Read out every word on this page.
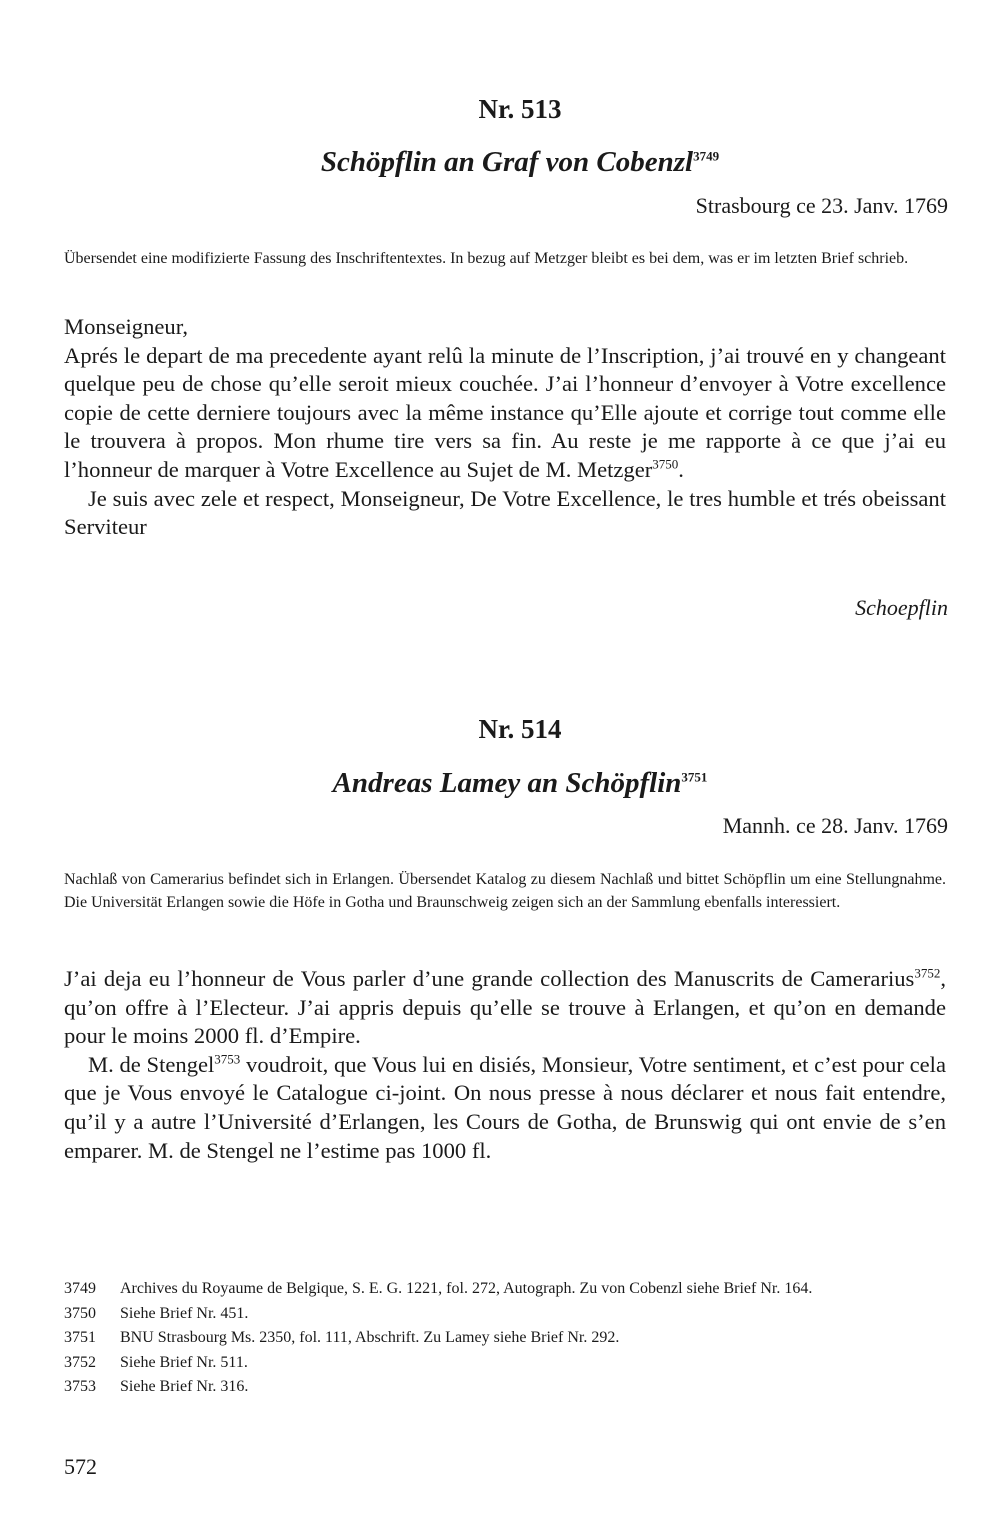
Nr. 513
Schöpflin an Graf von Cobenzl$^{3749}$
Strasbourg ce 23. Janv. 1769

Übersendet eine modifizierte Fassung des Inschriftentextes. In bezug auf Metzger bleibt es bei dem, was er im letzten Brief schrieb.

Monseigneur,

Aprés le depart de ma precedente ayant relû la minute de l’Inscription, j’ai trouvé en y changeant quelque peu de chose qu’elle seroit mieux couchée. J’ai l’honneur d’envoyer à Votre excellence copie de cette derniere toujours avec la même instance qu’Elle ajoute et corrige tout comme elle le trouvera à propos. Mon rhume tire vers sa fin. Au reste je me rapporte à ce que j’ai eu l’honneur de marquer à Votre Excellence au Sujet de M. Metzger$^{3750}$.

Je suis avec zele et respect, Monseigneur, De Votre Excellence, le tres humble et trés obeissant Serviteur

Schoepflin
Nr. 514
Andreas Lamey an Schöpflin$^{3751}$
Mannh. ce 28. Janv. 1769

Nachlaß von Camerarius befindet sich in Erlangen. Übersendet Katalog zu diesem Nachlaß und bittet Schöpflin um eine Stellungnahme. Die Universität Erlangen sowie die Höfe in Gotha und Braunschweig zeigen sich an der Sammlung ebenfalls interessiert.

J’ai deja eu l’honneur de Vous parler d’une grande collection des Manuscrits de Camerarius$^{3752}$, qu’on offre à l’Electeur. J’ai appris depuis qu’elle se trouve à Erlangen, et qu’on en demande pour le moins 2000 fl. d’Empire.

M. de Stengel$^{3753}$ voudroit, que Vous lui en disiés, Monsieur, Votre sentiment, et c’est pour cela que je Vous envoyé le Catalogue ci-joint. On nous presse à nous déclarer et nous fait entendre, qu’il y a autre l’Université d’Erlangen, les Cours de Gotha, de Brunswig qui ont envie de s’en emparer. M. de Stengel ne l’estime pas 1000 fl.

3749	Archives du Royaume de Belgique, S. E. G. 1221, fol. 272, Autograph. Zu von Cobenzl siehe Brief Nr. 164.
3750	Siehe Brief Nr. 451.
3751	BNU Strasbourg Ms. 2350, fol. 111, Abschrift. Zu Lamey siehe Brief Nr. 292.
3752	Siehe Brief Nr. 511.
3753	Siehe Brief Nr. 316.
572
